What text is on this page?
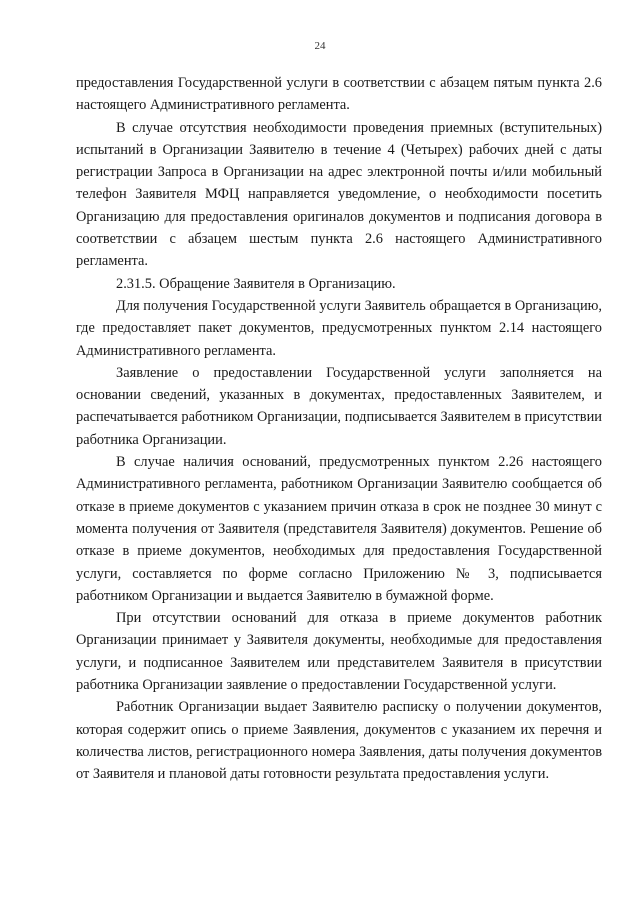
24

предоставления Государственной услуги в соответствии с абзацем пятым пункта 2.6 настоящего Административного регламента.

В случае отсутствия необходимости проведения приемных (вступительных) испытаний в Организации Заявителю в течение 4 (Четырех) рабочих дней с даты регистрации Запроса в Организации на адрес электронной почты и/или мобильный телефон Заявителя МФЦ направляется уведомление, о необходимости посетить Организацию для предоставления оригиналов документов и подписания договора в соответствии с абзацем шестым пункта 2.6 настоящего Административного регламента.

2.31.5. Обращение Заявителя в Организацию.

Для получения Государственной услуги Заявитель обращается в Организацию, где предоставляет пакет документов, предусмотренных пунктом 2.14 настоящего Административного регламента.

Заявление о предоставлении Государственной услуги заполняется на основании сведений, указанных в документах, предоставленных Заявителем, и распечатывается работником Организации, подписывается Заявителем в присутствии работника Организации.

В случае наличия оснований, предусмотренных пунктом 2.26 настоящего Административного регламента, работником Организации Заявителю сообщается об отказе в приеме документов с указанием причин отказа в срок не позднее 30 минут с момента получения от Заявителя (представителя Заявителя) документов. Решение об отказе в приеме документов, необходимых для предоставления Государственной услуги, составляется по форме согласно Приложению № 3, подписывается работником Организации и выдается Заявителю в бумажной форме.

При отсутствии оснований для отказа в приеме документов работник Организации принимает у Заявителя документы, необходимые для предоставления услуги, и подписанное Заявителем или представителем Заявителя в присутствии работника Организации заявление о предоставлении Государственной услуги.

Работник Организации выдает Заявителю расписку о получении документов, которая содержит опись о приеме Заявления, документов с указанием их перечня и количества листов, регистрационного номера Заявления, даты получения документов от Заявителя и плановой даты готовности результата предоставления услуги.
